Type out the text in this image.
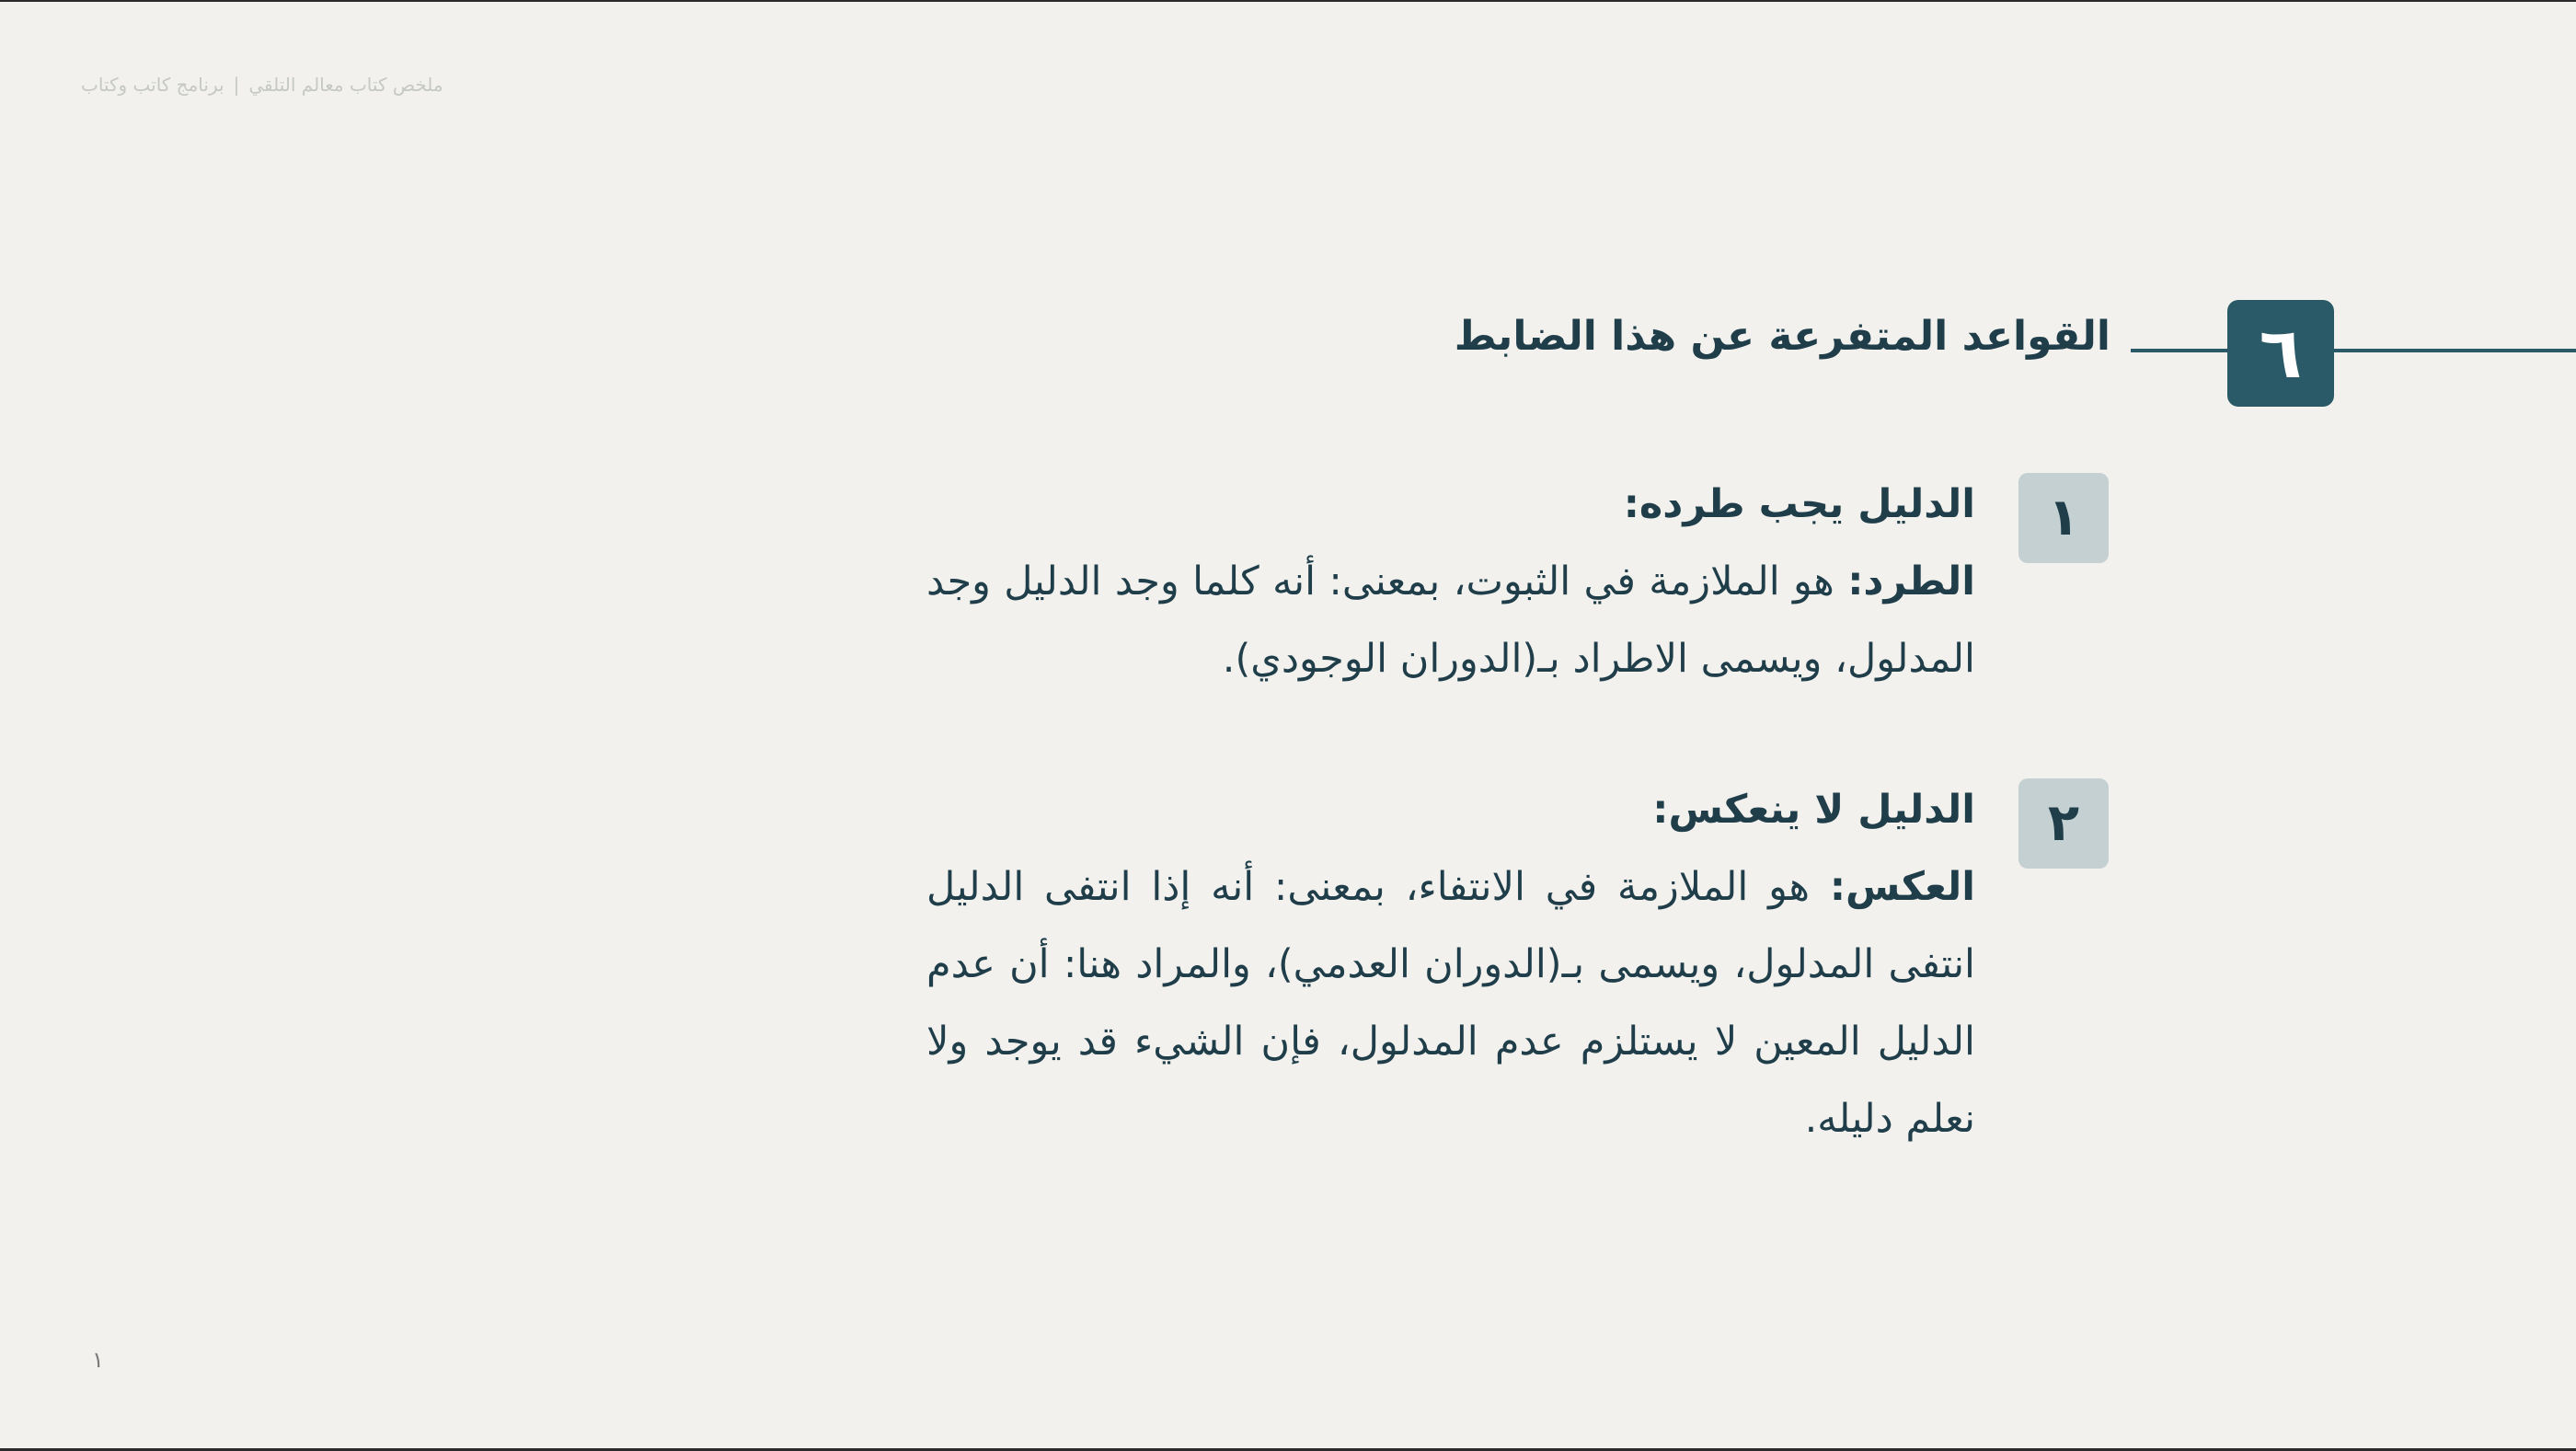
ملخص كتاب معالم التلقي|برنامج كاتب وكتاب
٦
القواعد المتفرعة عن هذا الضابط
١
الدليل يجب طرده:
الطرد: هو الملازمة في الثبوت، بمعنى: أنه كلما وجد الدليل وجد المدلول، ويسمى الاطراد بـ(الدوران الوجودي).
٢
الدليل لا ينعكس:
العكس: هو الملازمة في الانتفاء، بمعنى: أنه إذا انتفى الدليل انتفى المدلول، ويسمى بـ(الدوران العدمي)، والمراد هنا: أن عدم الدليل المعين لا يستلزم عدم المدلول، فإن الشيء قد يوجد ولا نعلم دليله.
١
